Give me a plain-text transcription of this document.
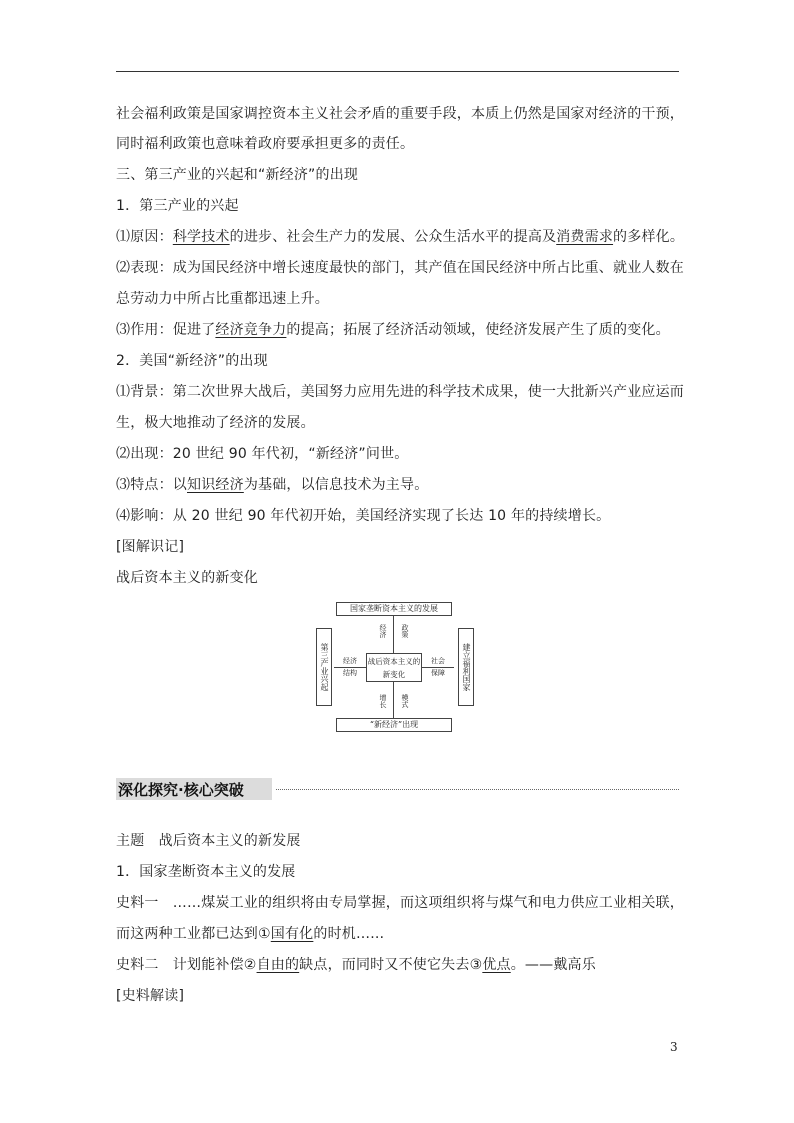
社会福利政策是国家调控资本主义社会矛盾的重要手段，本质上仍然是国家对经济的干预，
同时福利政策也意味着政府要承担更多的责任。
三、第三产业的兴起和“新经济”的出现
1．第三产业的兴起
⑴原因：科学技术的进步、社会生产力的发展、公众生活水平的提高及消费需求的多样化。
⑵表现：成为国民经济中增长速度最快的部门，其产值在国民经济中所占比重、就业人数在
总劳动力中所占比重都迅速上升。
⑶作用：促进了经济竞争力的提高；拓展了经济活动领域，使经济发展产生了质的变化。
2．美国“新经济”的出现
⑴背景：第二次世界大战后，美国努力应用先进的科学技术成果，使一大批新兴产业应运而
生，极大地推动了经济的发展。
⑵出现：20 世纪 90 年代初，“新经济”问世。
⑶特点：以知识经济为基础，以信息技术为主导。
⑷影响：从 20 世纪 90 年代初开始，美国经济实现了长达 10 年的持续增长。
[图解识记]
战后资本主义的新变化
国家垄断资本主义的发展
第三产业兴起	建立福利国家
“新经济”出现
战后资本主义的新变化
经济 政策
经济
结构
社会
保障
增长 模式
深化探究·核心突破
主题　战后资本主义的新发展
1．国家垄断资本主义的发展
史料一　……煤炭工业的组织将由专局掌握，而这项组织将与煤气和电力供应工业相关联，
而这两种工业都已达到①国有化的时机……
史料二　计划能补偿②自由的缺点，而同时又不使它失去③优点。——戴高乐
[史料解读]
3
